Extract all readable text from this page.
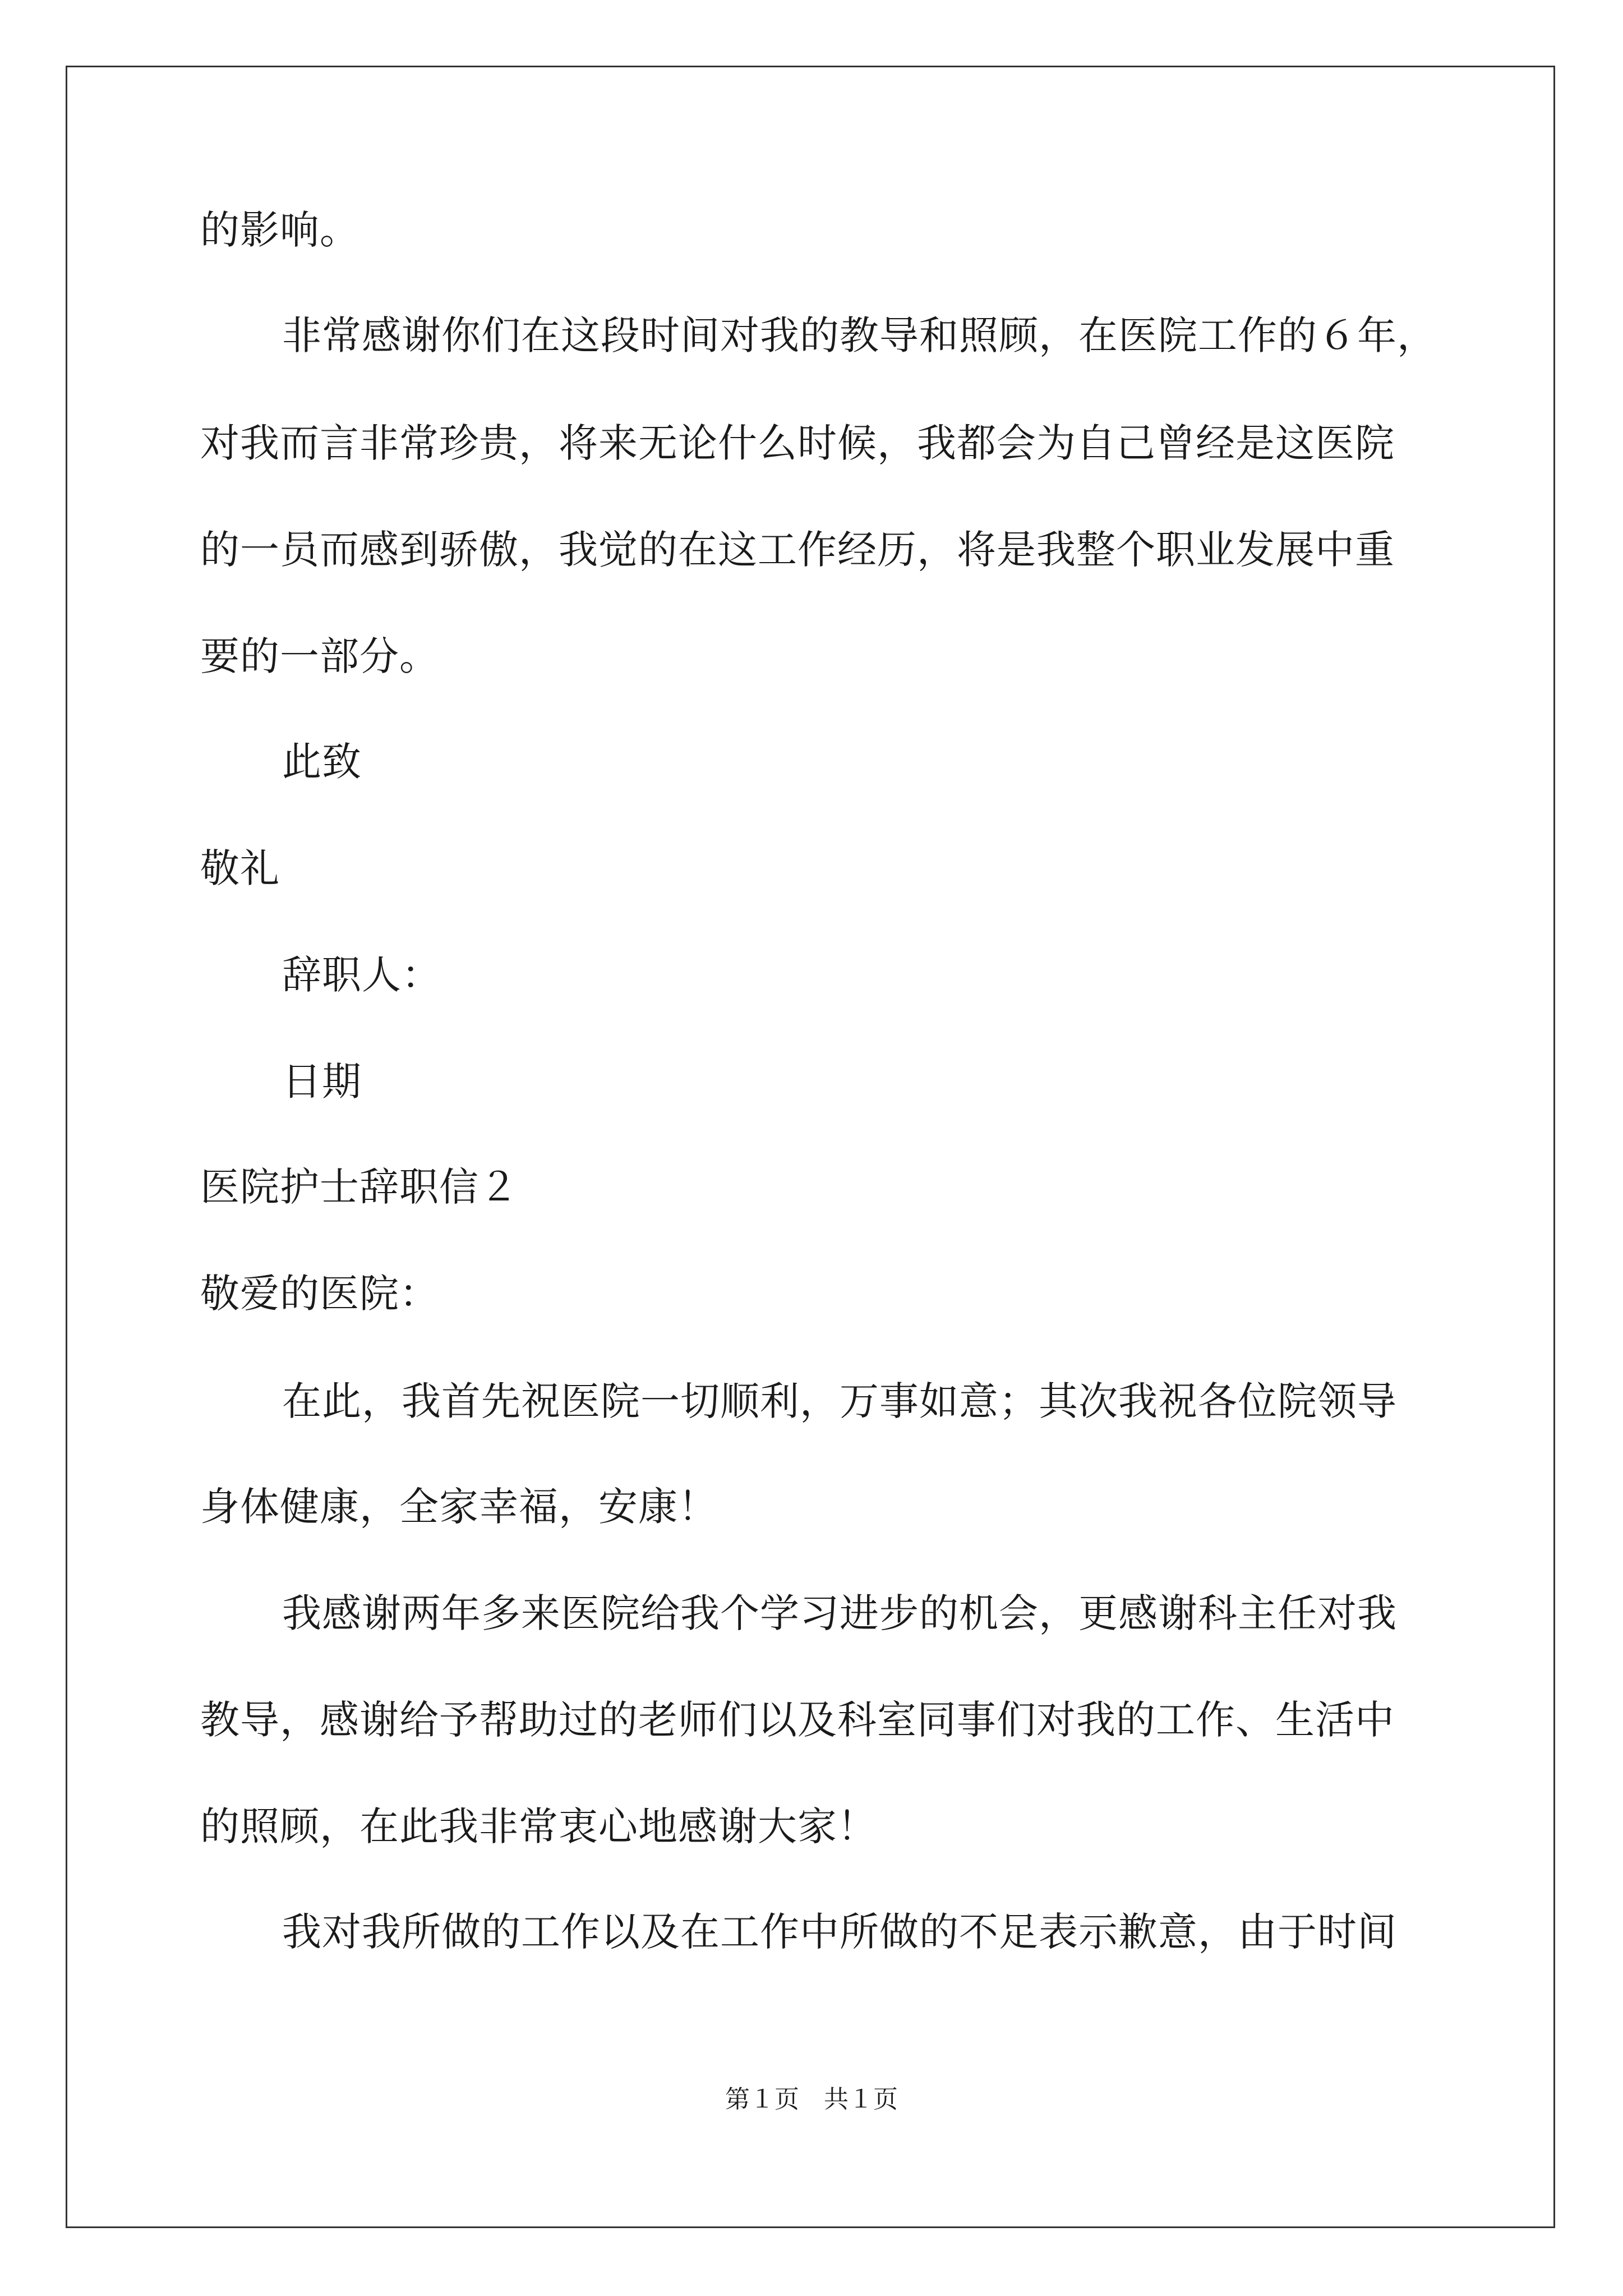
的影响。
非常感谢你们在这段时间对我的教导和照顾，在医院工作的６年，
对我而言非常珍贵，将来无论什么时候，我都会为自己曾经是这医院
的一员而感到骄傲，我觉的在这工作经历，将是我整个职业发展中重
要的一部分。
此致
敬礼
辞职人：
日期
医院护士辞职信２
敬爱的医院：
在此，我首先祝医院一切顺利，万事如意；其次我祝各位院领导
身体健康，全家幸福，安康！
我感谢两年多来医院给我个学习进步的机会，更感谢科主任对我
教导，感谢给予帮助过的老师们以及科室同事们对我的工作、生活中
的照顾，在此我非常衷心地感谢大家！
我对我所做的工作以及在工作中所做的不足表示歉意，由于时间
第１页　共１页
